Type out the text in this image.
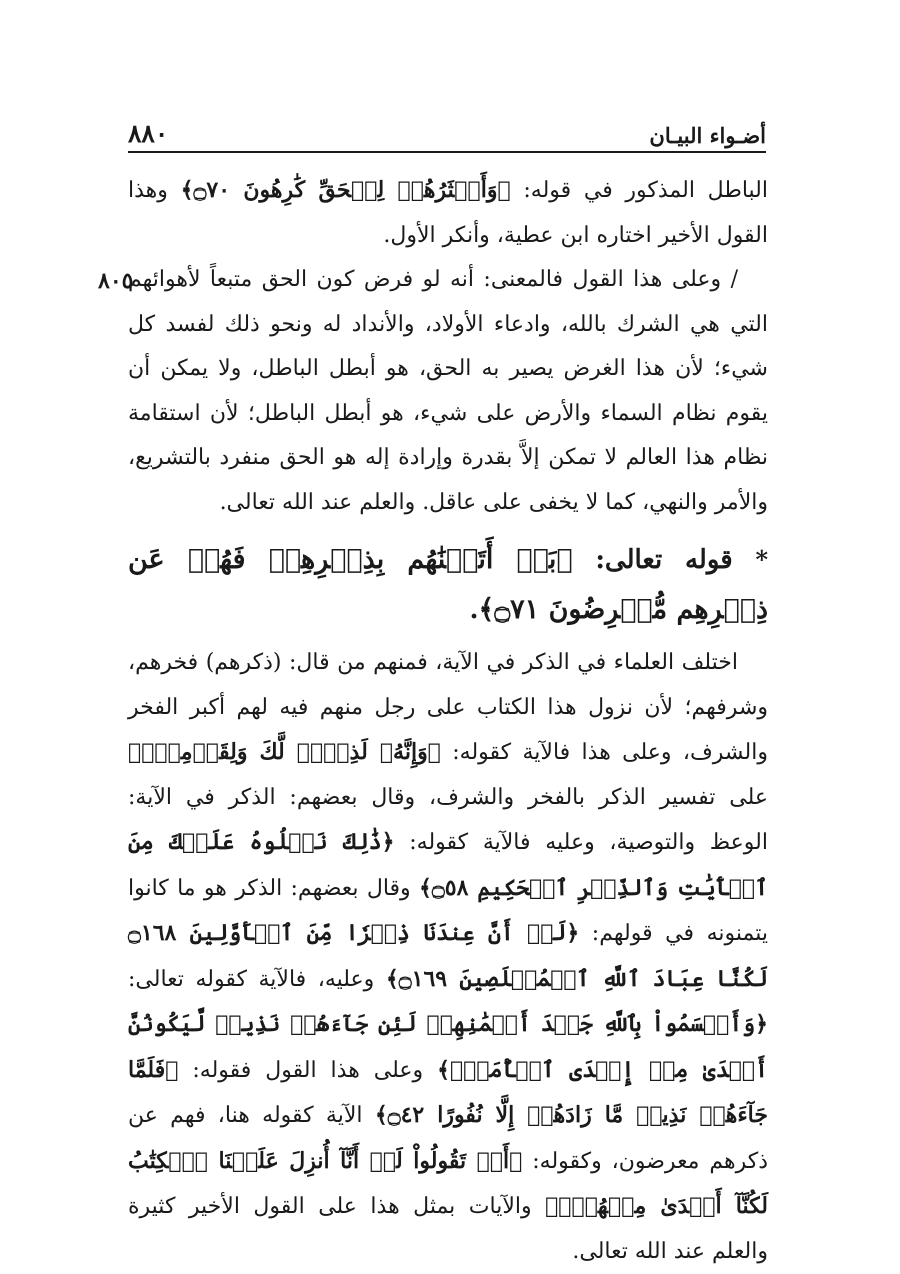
أضـواء البيـان
٨٨٠
٨٠٥

الباطل المذكور في قوله: ﴿وَأَكۡثَرُهُمۡ لِلۡحَقِّ كَٰرِهُونَ ۝٧٠﴾ وهذا القول الأخير اختاره ابن عطية، وأنكر الأول.

/ وعلى هذا القول فالمعنى: أنه لو فرض كون الحق متبعاً لأهوائهم التي هي الشرك بالله، وادعاء الأولاد، والأنداد له ونحو ذلك لفسد كل شيء؛ لأن هذا الغرض يصير به الحق، هو أبطل الباطل، ولا يمكن أن يقوم نظام السماء والأرض على شيء، هو أبطل الباطل؛ لأن استقامة نظام هذا العالم لا تمكن إلاَّ بقدرة وإرادة إله هو الحق منفرد بالتشريع، والأمر والنهي، كما لا يخفى على عاقل. والعلم عند الله تعالى.

* قوله تعالى: ﴿بَلۡ أَتَيۡنَٰهُم بِذِكۡرِهِمۡ فَهُمۡ عَن ذِكۡرِهِم مُّعۡرِضُونَ ۝٧١﴾.

اختلف العلماء في الذكر في الآية، فمنهم من قال: (ذكرهم) فخرهم، وشرفهم؛ لأن نزول هذا الكتاب على رجل منهم فيه لهم أكبر الفخر والشرف، وعلى هذا فالآية كقوله: ﴿وَإِنَّهُۥ لَذِكۡرٞ لَّكَ وَلِقَوۡمِكَۖ﴾ على تفسير الذكر بالفخر والشرف، وقال بعضهم: الذكر في الآية: الوعظ والتوصية، وعليه فالآية كقوله: ﴿ذَٰلِكَ نَتۡلُوهُ عَلَيۡكَ مِنَ ٱلۡأٓيَٰتِ وَٱلذِّكۡرِ ٱلۡحَكِيمِ ۝٥٨﴾ وقال بعضهم: الذكر هو ما كانوا يتمنونه في قولهم: ﴿لَوۡ أَنَّ عِندَنَا ذِكۡرٗا مِّنَ ٱلۡأَوَّلِينَ ۝١٦٨ لَكُنَّا عِبَادَ ٱللَّهِ ٱلۡمُخۡلَصِينَ ۝١٦٩﴾ وعليه، فالآية كقوله تعالى: ﴿وَأَقۡسَمُواْ بِٱللَّهِ جَهۡدَ أَيۡمَٰنِهِمۡ لَئِن جَآءَهُمۡ نَذِيرٞ لَّيَكُونُنَّ أَهۡدَىٰ مِنۡ إِحۡدَى ٱلۡأُمَمِۖ﴾ وعلى هذا القول فقوله: ﴿فَلَمَّا جَآءَهُمۡ نَذِيرٞ مَّا زَادَهُمۡ إِلَّا نُفُورًا ۝٤٢﴾ الآية كقوله هنا، فهم عن ذكرهم معرضون، وكقوله: ﴿أَوۡ تَقُولُواْ لَوۡ أَنَّآ أُنزِلَ عَلَيۡنَا ٱلۡكِتَٰبُ لَكُنَّآ أَهۡدَىٰ مِنۡهُمۡۚ﴾ والآيات بمثل هذا على القول الأخير كثيرة والعلم عند الله تعالى.
